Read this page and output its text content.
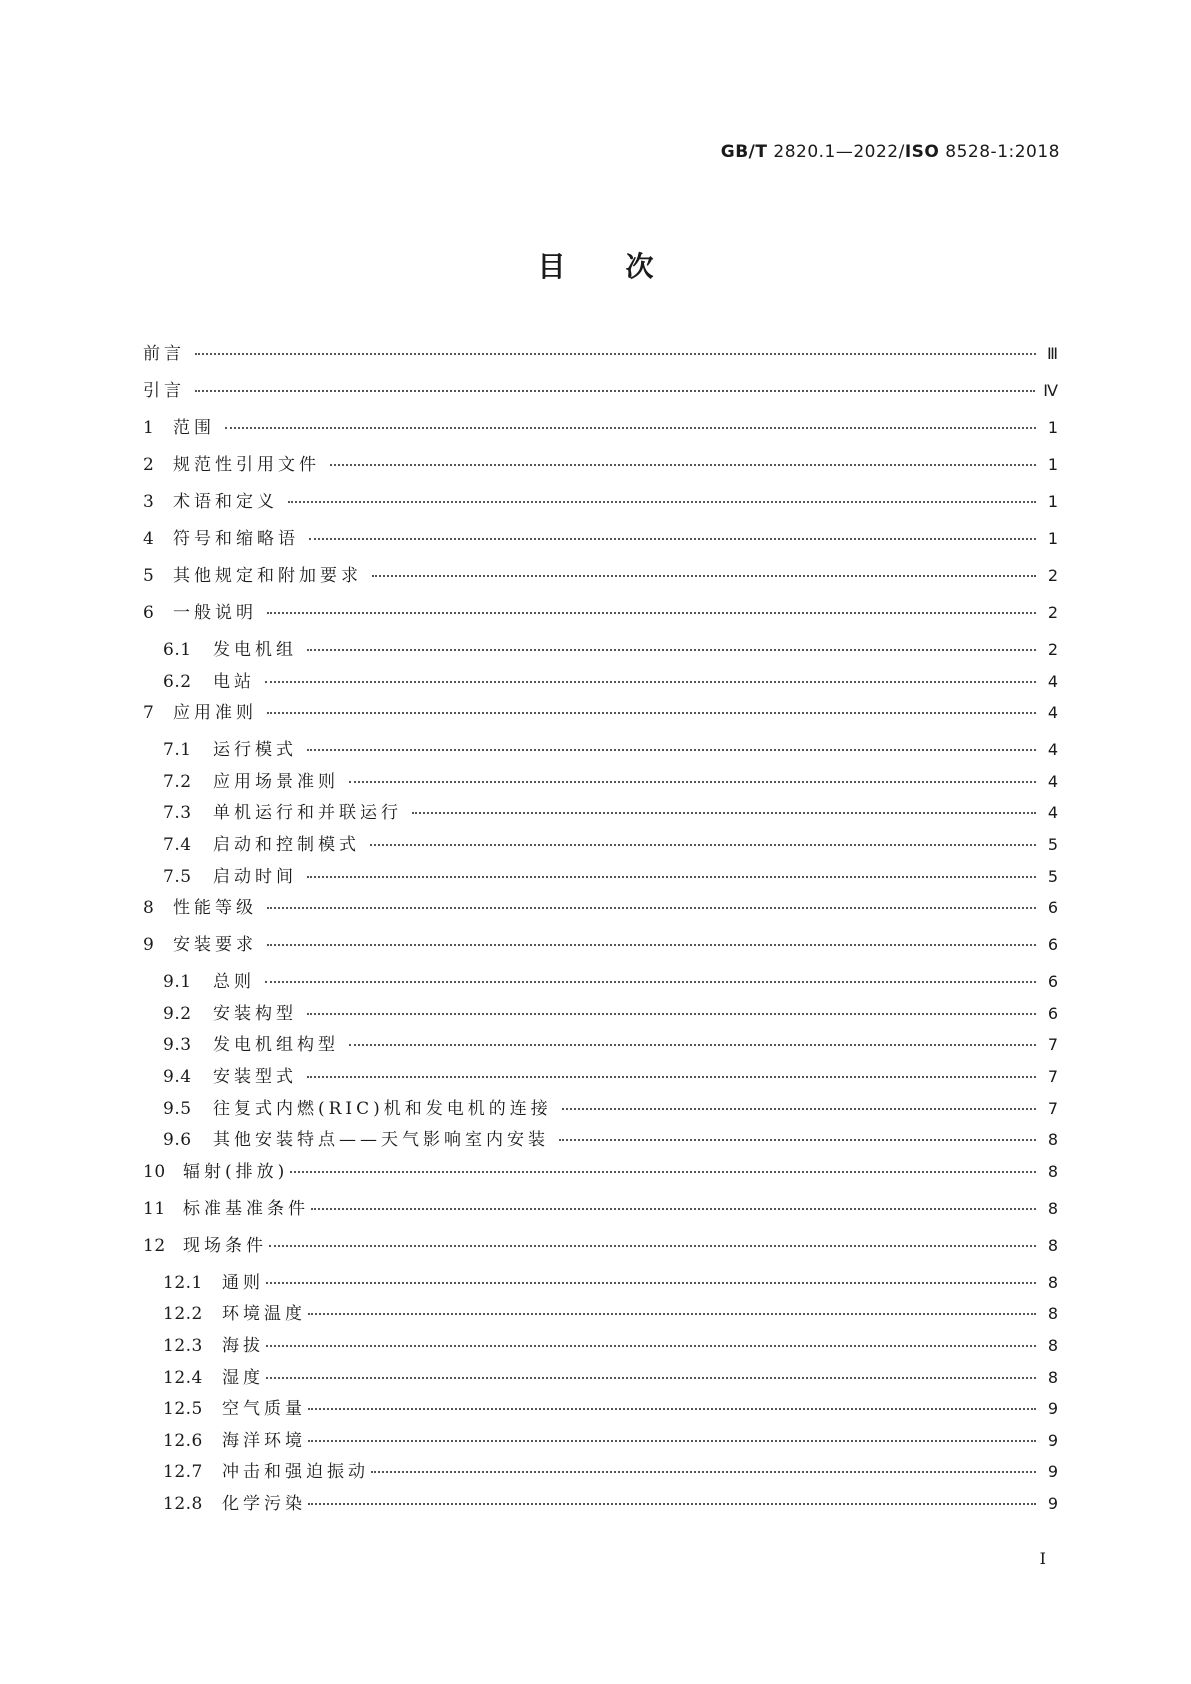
GB/T 2820.1—2022/ISO 8528-1:2018
目次
前言	Ⅲ
引言	Ⅳ
1	范围	1
2	规范性引用文件	1
3	术语和定义	1
4	符号和缩略语	1
5	其他规定和附加要求	2
6	一般说明	2
6.1	发电机组	2
6.2	电站	4
7	应用准则	4
7.1	运行模式	4
7.2	应用场景准则	4
7.3	单机运行和并联运行	4
7.4	启动和控制模式	5
7.5	启动时间	5
8	性能等级	6
9	安装要求	6
9.1	总则	6
9.2	安装构型	6
9.3	发电机组构型	7
9.4	安装型式	7
9.5	往复式内燃(RIC)机和发电机的连接	7
9.6	其他安装特点——天气影响室内安装	8
10	辐射(排放)	8
11	标准基准条件	8
12	现场条件	8
12.1	通则	8
12.2	环境温度	8
12.3	海拔	8
12.4	湿度	8
12.5	空气质量	9
12.6	海洋环境	9
12.7	冲击和强迫振动	9
12.8	化学污染	9
I
